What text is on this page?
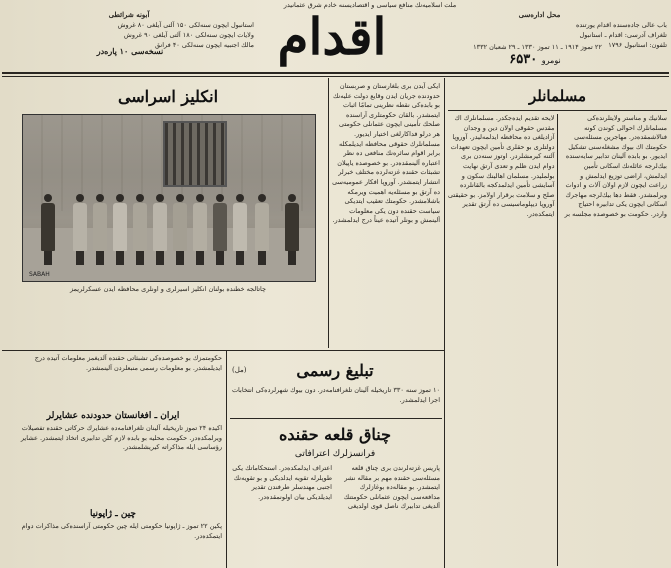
ملت اسلامیه‌نك منافع سیاسی و اقتصادیسنه خادم شرق عثمانیدر
آبونه شرائطی
استانبول ایچون سنه‌لکی ۱۵۰ آلتی آیلغی ۸۰ غروش
ولایات ایچون سنه‌لکی ۱۸۰ آلتی آیلغی ۹۰ غروش
مالك اجنبیه ایچون سنه‌لکی ۴۰ فرانق
نسخه‌سی ۱۰ پاره‌در	اقدام	محل اداره‌سی
باب عالی جاده‌سنده اقدام یورتنده
تلغراف آدرسی: اقدام ـ استانبول
تلفون: استانبول ۱۷۹۶
۲۲ تموز ۱۹۱۴ ـ ۱۱ تموز ۱۳۳۰ ـ ۲۹ شعبان ۱۳۳۲
نومرو ۶۵۳۰
انکلیز اسراسی
SABAH
چاتالجه خطنده بولنان انکلیز اسیرلری و اونلری محافظه ایدن عسکرلریمز
ایکی آیدن بری بلغارستان و صربستان حدودنده جریان ایدن وقایع دولت علیه‌نك بو بابده‌کی نقطه نظرینی تمامًا اثبات ایتمشدر. بالقان حکومتلری آراسنده صلحك تأمینی ایچون عثمانلی حکومتی هر درلو فداکارلغی اختیار ایدیور. مسلمانلرك حقوقی محافظه ایدیلمکله برابر اقوام سائره‌نك منافعی ده نظر اعتباره آلینمقده‌در. بو خصوصده یاپیلان تشبثات حقنده غزته‌لرده مختلف خبرلر انتشار ایتمشدر. آوروپا افکار عمومیه‌سی ده آرتق بو مسئله‌یه اهمیت ویرمکه باشلامشدر. حکومتك تعقیب ایتدیکی سیاست حقنده دون یکی معلومات آلینمش و بونلر آتیده عیناً درج ایدلمشدر.
مسلمانلر
سلانیك و مناستر ولایتلرنده‌کی مسلمانلرك احوالی کوندن کونه فنالاشمقده‌در. مهاجرین مسئله‌سی حکومتك اك بیوك مشغله‌سنی تشکیل ایدیور. بو بابده آلینان تدابیر سایه‌سنده بیك‌لرجه عائله‌نك اسکانی تأمین ایدلمش، اراضی توزیع ایدلمش و زراعت ایچون لازم اولان آلات و ادوات ویرلمشدر. فقط دها بیك‌لرجه مهاجرك اسکانی ایچون یکی تدابیره احتیاج واردر. حکومت بو خصوصده مجلسه بر لایحه تقدیم ایده‌جکدر. مسلمانلرك اك مقدس حقوقی اولان دین و وجدان آزادیلغی ده محافظه ایدلمه‌لیدر. آوروپا دولتلری بو حقلری تأمین ایچون تعهدات آلتنه کیرمشلردر. اوتوز سنه‌دن بری دوام ایدن ظلم و تعدی آرتق نهایت بولملیدر. مسلمان اهالینك سکون و آسایشی تأمین ایدلمدکجه بالقانلرده صلح و سلامت برقرار اولامز. بو حقیقتی آوروپا دیپلوماسیسی ده آرتق تقدیر ایتمکده‌در.
حکومتمزك بو خصوصده‌کی تشبثاتی حقنده آلدیغمز معلومات آتیده درج ایدیلمشدر. بو معلومات رسمی منبعلردن آلینمشدر.
ایران ـ افغانستان حدودنده عشایرلر
اکیده ۲۴ تموز تاریخیله آلینان تلغرافنامه‌ده عشایرك حرکاتی حقنده تفصیلات ویرلمکده‌در. حکومت محلیه بو بابده لازم کلن تدابیری اتخاذ ایتمشدر. عشایر رؤساسی ایله مذاکراته کیریشلمشدر.
چین ـ ژاپونیا
پکین ۲۲ تموز ـ ژاپونیا حکومتی ایله چین حکومتی آراسنده‌کی مذاکرات دوام ایتمکده‌در.
تبلیغ رسمی
(مل)
۱۰ تموز سنه ۳۳۰ تاریخیله آلینان تلغرافنامه‌در. دون بیوك شهرلرده‌کی انتخابات اجرا ایدلمشدر.
چناق قلعه حقنده
فرانسزلرك اعترافاتی
پاریس غزته‌لرندن بری چناق قلعه مسئله‌سی حقنده مهم بر مقاله نشر ایتمشدر. بو مقاله‌ده بوغازلرك مدافعه‌سی ایچون عثمانلی حکومتنك آلدیغی تدابیرك ناصل قوی اولدیغی اعتراف ایدلمکده‌در. استحکاماتك یکی طوپلرله تقویه ایدلدیکی و بو تقویه‌نك اجنبی مهندسلر طرفندن تقدیر ایدیلدیکی بیان اولونمقده‌در.
